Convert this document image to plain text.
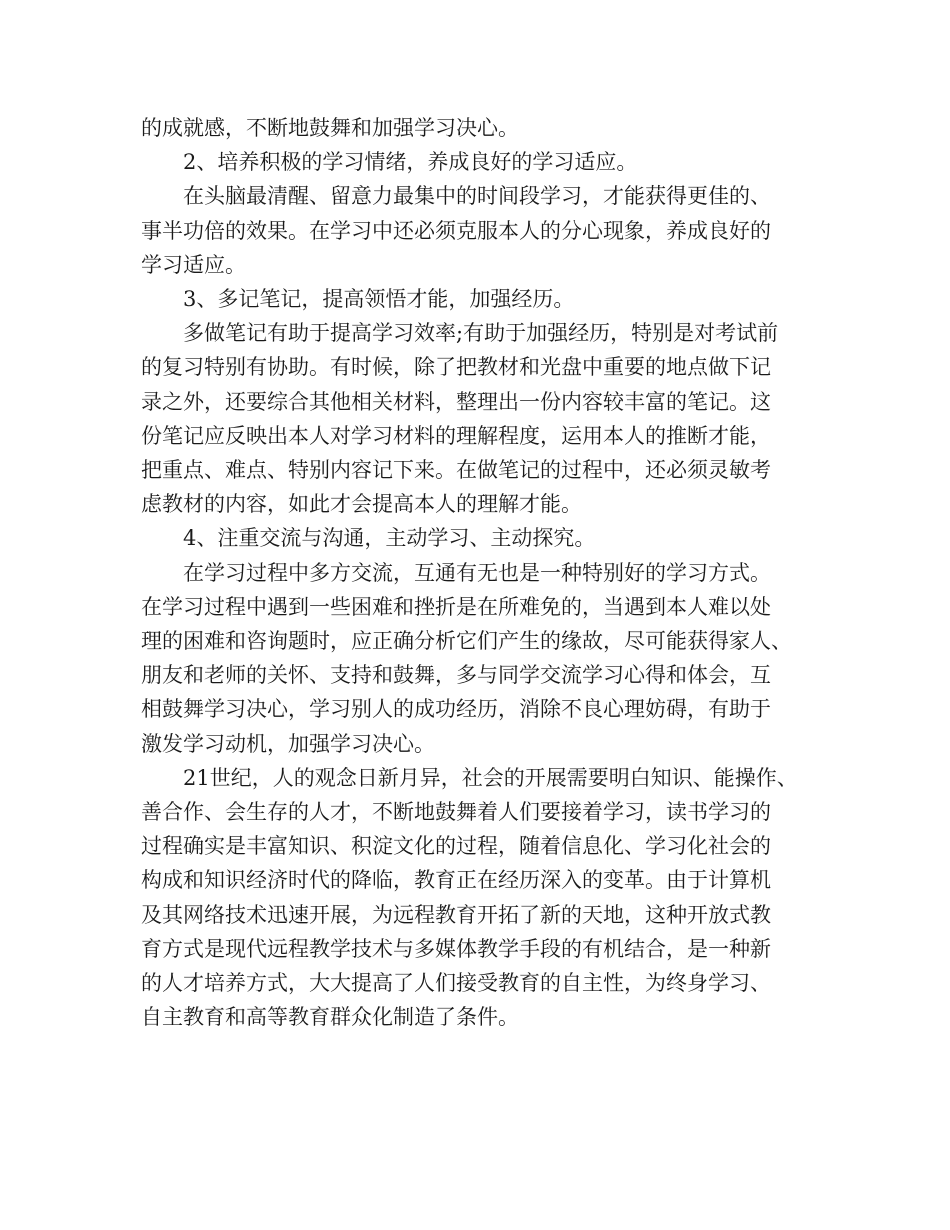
的成就感，不断地鼓舞和加强学习决心。

2、培养积极的学习情绪，养成良好的学习适应。

在头脑最清醒、留意力最集中的时间段学习，才能获得更佳的、
事半功倍的效果。在学习中还必须克服本人的分心现象，养成良好的
学习适应。

3、多记笔记，提高领悟才能，加强经历。

多做笔记有助于提高学习效率;有助于加强经历，特别是对考试前
的复习特别有协助。有时候，除了把教材和光盘中重要的地点做下记
录之外，还要综合其他相关材料，整理出一份内容较丰富的笔记。这
份笔记应反映出本人对学习材料的理解程度，运用本人的推断才能，
把重点、难点、特别内容记下来。在做笔记的过程中，还必须灵敏考
虑教材的内容，如此才会提高本人的理解才能。

4、注重交流与沟通，主动学习、主动探究。

在学习过程中多方交流，互通有无也是一种特别好的学习方式。
在学习过程中遇到一些困难和挫折是在所难免的，当遇到本人难以处
理的困难和咨询题时，应正确分析它们产生的缘故，尽可能获得家人、
朋友和老师的关怀、支持和鼓舞，多与同学交流学习心得和体会，互
相鼓舞学习决心，学习别人的成功经历，消除不良心理妨碍，有助于
激发学习动机，加强学习决心。

21世纪，人的观念日新月异，社会的开展需要明白知识、能操作、
善合作、会生存的人才，不断地鼓舞着人们要接着学习，读书学习的
过程确实是丰富知识、积淀文化的过程，随着信息化、学习化社会的
构成和知识经济时代的降临，教育正在经历深入的变革。由于计算机
及其网络技术迅速开展，为远程教育开拓了新的天地，这种开放式教
育方式是现代远程教学技术与多媒体教学手段的有机结合，是一种新
的人才培养方式，大大提高了人们接受教育的自主性，为终身学习、
自主教育和高等教育群众化制造了条件。
